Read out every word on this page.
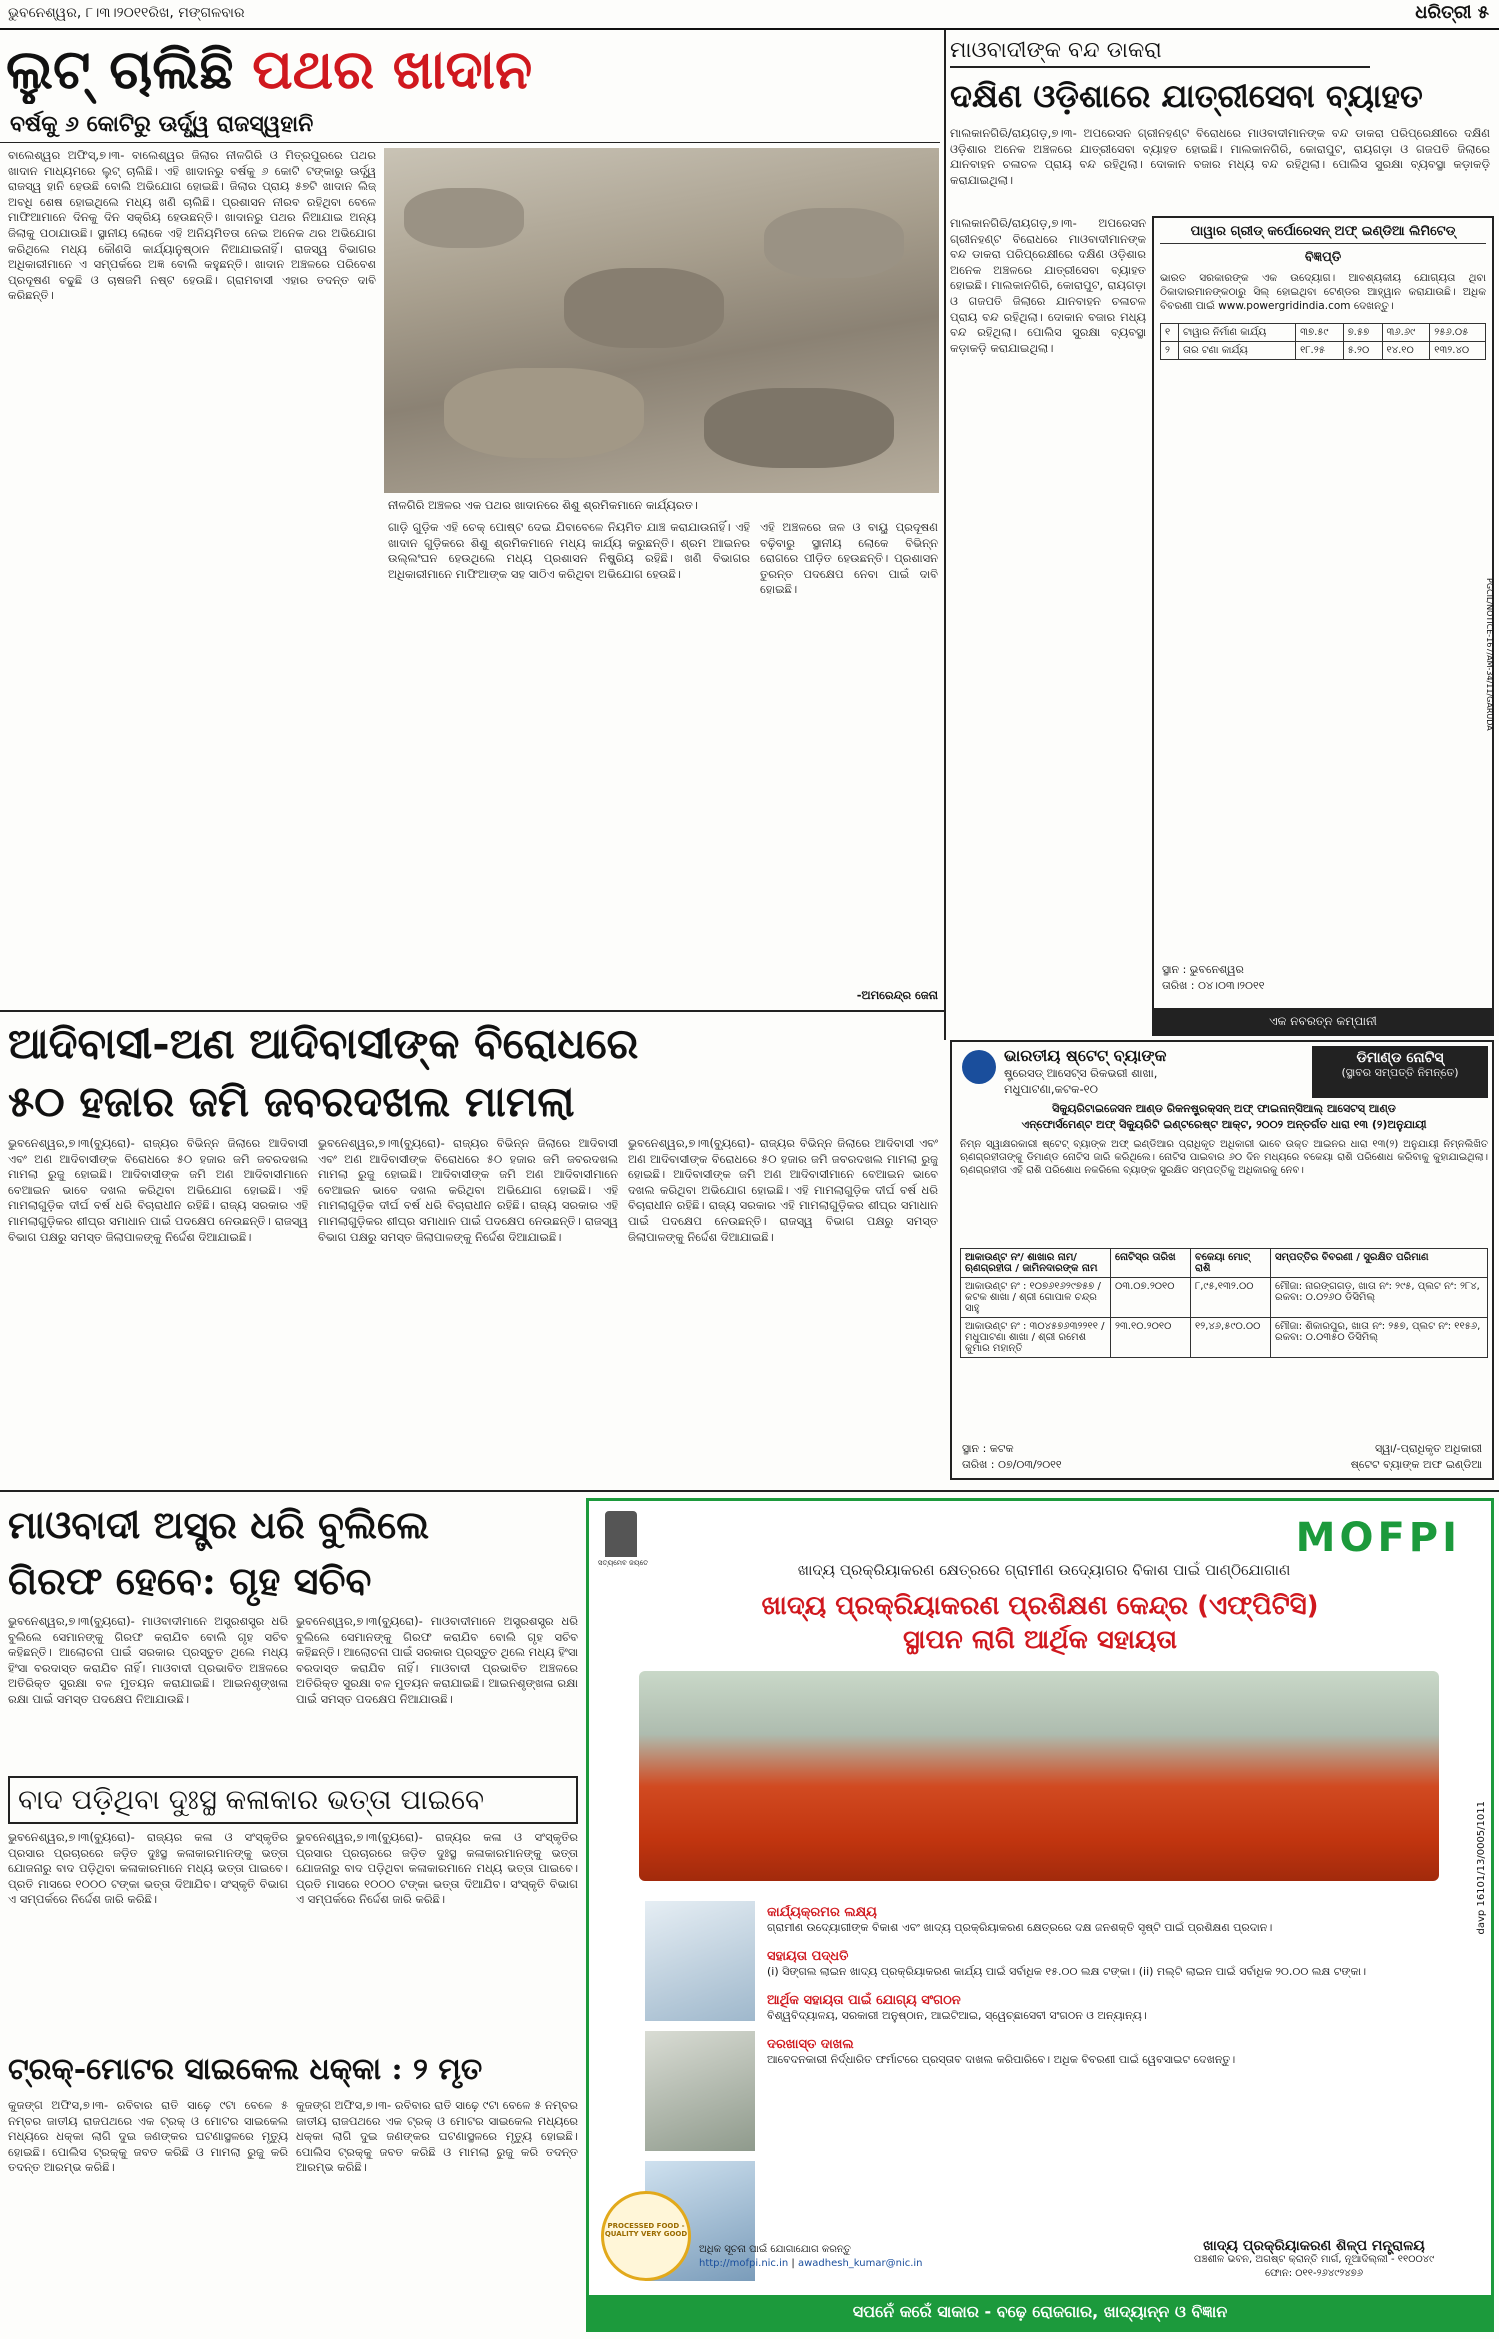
ଭୁବନେଶ୍ୱର, ୮।୩।୨୦୧୧ରିଖ, ମଙ୍ଗଳବାର	ଧରିତ୍ରୀ ୫
ଲୁଟ୍ ଚାଲିଛି ପଥର ଖାଦାନ
ବର୍ଷକୁ ୬ କୋଟିରୁ ଊର୍ଦ୍ଧ୍ୱ ରାଜସ୍ୱହାନି
ବାଲେଶ୍ୱର ଅଫିସ୍,୭।୩- ବାଲେଶ୍ୱର ଜିଲାର ନୀଳଗିରି ଓ ମିତ୍ରପୁରରେ ପଥର ଖାଦାନ ମାଧ୍ୟମରେ ଲୁଟ୍ ଚାଲିଛି। ଏହି ଖାଦାନରୁ ବର୍ଷକୁ ୬ କୋଟି ଟଙ୍କାରୁ ଊର୍ଦ୍ଧ୍ୱ ରାଜସ୍ୱ ହାନି ହେଉଛି ବୋଲି ଅଭିଯୋଗ ହୋଇଛି। ଜିଲାର ପ୍ରାୟ ୫୭ଟି ଖାଦାନ ଲିଜ୍ ଅବଧି ଶେଷ ହୋଇଥିଲେ ମଧ୍ୟ ଖଣି ଚାଲିଛି। ପ୍ରଶାସନ ନୀରବ ରହିଥିବା ବେଳେ ମାଫିଆମାନେ ଦିନକୁ ଦିନ ସକ୍ରିୟ ହେଉଛନ୍ତି। ଖାଦାନରୁ ପଥର ନିଆଯାଇ ଅନ୍ୟ ଜିଲାକୁ ପଠାଯାଉଛି। ସ୍ଥାନୀୟ ଲୋକେ ଏହି ଅନିୟମିତତା ନେଇ ଅନେକ ଥର ଅଭିଯୋଗ କରିଥିଲେ ମଧ୍ୟ କୌଣସି କାର୍ଯ୍ୟାନୁଷ୍ଠାନ ନିଆଯାଇନାହିଁ। ରାଜସ୍ୱ ବିଭାଗର ଅଧିକାରୀମାନେ ଏ ସମ୍ପର୍କରେ ଅଜ୍ଞ ବୋଲି କହୁଛନ୍ତି। ଖାଦାନ ଅଞ୍ଚଳରେ ପରିବେଶ ପ୍ରଦୂଷଣ ବଢୁଛି ଓ ଚାଷଜମି ନଷ୍ଟ ହେଉଛି। ଗ୍ରାମବାସୀ ଏହାର ତଦନ୍ତ ଦାବି କରିଛନ୍ତି।
ନୀଳଗିରି ଅଞ୍ଚଳର ଏକ ପଥର ଖାଦାନରେ ଶିଶୁ ଶ୍ରମିକମାନେ କାର୍ଯ୍ୟରତ।
ଗାଡ଼ି ଗୁଡ଼ିକ ଏହି ଚେକ୍ ପୋଷ୍ଟ ଦେଇ ଯିବାବେଳେ ନିୟମିତ ଯାଞ୍ଚ କରାଯାଉନାହିଁ। ଏହି ଖାଦାନ ଗୁଡ଼ିକରେ ଶିଶୁ ଶ୍ରମିକମାନେ ମଧ୍ୟ କାର୍ଯ୍ୟ କରୁଛନ୍ତି। ଶ୍ରମ ଆଇନର ଉଲ୍ଲଂଘନ ହେଉଥିଲେ ମଧ୍ୟ ପ୍ରଶାସନ ନିଷ୍କ୍ରିୟ ରହିଛି। ଖଣି ବିଭାଗର ଅଧିକାରୀମାନେ ମାଫିଆଙ୍କ ସହ ସାଠିଏ କରିଥିବା ଅଭିଯୋଗ ହେଉଛି।
ଏହି ଅଞ୍ଚଳରେ ଜଳ ଓ ବାୟୁ ପ୍ରଦୂଷଣ ବଢ଼ିବାରୁ ସ୍ଥାନୀୟ ଲୋକେ ବିଭିନ୍ନ ରୋଗରେ ପୀଡ଼ିତ ହେଉଛନ୍ତି। ପ୍ରଶାସନ ତୁରନ୍ତ ପଦକ୍ଷେପ ନେବା ପାଇଁ ଦାବି ହୋଇଛି।
-ଅମରେନ୍ଦ୍ର ଜେନା
ମାଓବାଦୀଙ୍କ ବନ୍ଦ ଡାକରା
ଦକ୍ଷିଣ ଓଡ଼ିଶାରେ ଯାତ୍ରୀସେବା ବ୍ୟାହତ
ମାଲକାନଗିରି/ରାୟଗଡ଼,୭।୩- ଅପରେସନ ଗ୍ରୀନହଣ୍ଟ ବିରୋଧରେ ମାଓବାଦୀମାନଙ୍କ ବନ୍ଦ ଡାକରା ପରିପ୍ରେକ୍ଷୀରେ ଦକ୍ଷିଣ ଓଡ଼ିଶାର ଅନେକ ଅଞ୍ଚଳରେ ଯାତ୍ରୀସେବା ବ୍ୟାହତ ହୋଇଛି। ମାଲକାନଗିରି, କୋରାପୁଟ, ରାୟଗଡ଼ା ଓ ଗଜପତି ଜିଲାରେ ଯାନବାହନ ଚଳାଚଳ ପ୍ରାୟ ବନ୍ଦ ରହିଥିଲା। ଦୋକାନ ବଜାର ମଧ୍ୟ ବନ୍ଦ ରହିଥିଲା। ପୋଲିସ ସୁରକ୍ଷା ବ୍ୟବସ୍ଥା କଡ଼ାକଡ଼ି କରାଯାଇଥିଲା।
ମାଲକାନଗିରି/ରାୟଗଡ଼,୭।୩- ଅପରେସନ ଗ୍ରୀନହଣ୍ଟ ବିରୋଧରେ ମାଓବାଦୀମାନଙ୍କ ବନ୍ଦ ଡାକରା ପରିପ୍ରେକ୍ଷୀରେ ଦକ୍ଷିଣ ଓଡ଼ିଶାର ଅନେକ ଅଞ୍ଚଳରେ ଯାତ୍ରୀସେବା ବ୍ୟାହତ ହୋଇଛି। ମାଲକାନଗିରି, କୋରାପୁଟ, ରାୟଗଡ଼ା ଓ ଗଜପତି ଜିଲାରେ ଯାନବାହନ ଚଳାଚଳ ପ୍ରାୟ ବନ୍ଦ ରହିଥିଲା। ଦୋକାନ ବଜାର ମଧ୍ୟ ବନ୍ଦ ରହିଥିଲା। ପୋଲିସ ସୁରକ୍ଷା ବ୍ୟବସ୍ଥା କଡ଼ାକଡ଼ି କରାଯାଇଥିଲା।
ପାୱାର ଗ୍ରୀଡ୍ କର୍ପୋରେସନ୍ ଅଫ୍ ଇଣ୍ଡିଆ ଲିମିଟେଡ୍
ବିଜ୍ଞପ୍ତି
ଭାରତ ସରକାରଙ୍କ ଏକ ଉଦ୍ୟୋଗ। ଆବଶ୍ୟକୀୟ ଯୋଗ୍ୟତା ଥିବା ଠିକାଦାରମାନଙ୍କଠାରୁ ସିଲ୍ ହୋଇଥିବା ଟେଣ୍ଡର ଆହ୍ୱାନ କରାଯାଉଛି। ଅଧିକ ବିବରଣୀ ପାଇଁ www.powergridindia.com ଦେଖନ୍ତୁ।
୧	ଟାୱାର ନିର୍ମାଣ କାର୍ଯ୍ୟ	୩୭.୫୯	୭.୫୭	୩୬.୬୯	୨୫୬.୦୫
୨	ତାର ଟଣା କାର୍ଯ୍ୟ	୧୮.୨୫	୫.୨୦	୧୪.୧୦	୧୩୨.୪୦
ସ୍ଥାନ : ଭୁବନେଶ୍ୱର
ତାରିଖ : ୦୪।୦୩।୨୦୧୧
ଏକ ନବରତ୍ନ କମ୍ପାନୀ
PGCIL/NOTICE-167/AM-34/11/GARUDA
ଆଦିବାସୀ-ଅଣ ଆଦିବାସୀଙ୍କ ବିରୋଧରେ
୫୦ ହଜାର ଜମି ଜବରଦଖଲ ମାମଲା
ଭୁବନେଶ୍ୱର,୭।୩(ବ୍ୟୁରୋ)- ରାଜ୍ୟର ବିଭିନ୍ନ ଜିଲାରେ ଆଦିବାସୀ ଏବଂ ଅଣ ଆଦିବାସୀଙ୍କ ବିରୋଧରେ ୫୦ ହଜାର ଜମି ଜବରଦଖଲ ମାମଲା ରୁଜୁ ହୋଇଛି। ଆଦିବାସୀଙ୍କ ଜମି ଅଣ ଆଦିବାସୀମାନେ ବେଆଇନ ଭାବେ ଦଖଲ କରିଥିବା ଅଭିଯୋଗ ହୋଇଛି। ଏହି ମାମଲାଗୁଡ଼ିକ ଦୀର୍ଘ ବର୍ଷ ଧରି ବିଚାରାଧୀନ ରହିଛି। ରାଜ୍ୟ ସରକାର ଏହି ମାମଲାଗୁଡ଼ିକର ଶୀଘ୍ର ସମାଧାନ ପାଇଁ ପଦକ୍ଷେପ ନେଉଛନ୍ତି। ରାଜସ୍ୱ ବିଭାଗ ପକ୍ଷରୁ ସମସ୍ତ ଜିଲାପାଳଙ୍କୁ ନିର୍ଦ୍ଦେଶ ଦିଆଯାଇଛି।
ଭୁବନେଶ୍ୱର,୭।୩(ବ୍ୟୁରୋ)- ରାଜ୍ୟର ବିଭିନ୍ନ ଜିଲାରେ ଆଦିବାସୀ ଏବଂ ଅଣ ଆଦିବାସୀଙ୍କ ବିରୋଧରେ ୫୦ ହଜାର ଜମି ଜବରଦଖଲ ମାମଲା ରୁଜୁ ହୋଇଛି। ଆଦିବାସୀଙ୍କ ଜମି ଅଣ ଆଦିବାସୀମାନେ ବେଆଇନ ଭାବେ ଦଖଲ କରିଥିବା ଅଭିଯୋଗ ହୋଇଛି। ଏହି ମାମଲାଗୁଡ଼ିକ ଦୀର୍ଘ ବର୍ଷ ଧରି ବିଚାରାଧୀନ ରହିଛି। ରାଜ୍ୟ ସରକାର ଏହି ମାମଲାଗୁଡ଼ିକର ଶୀଘ୍ର ସମାଧାନ ପାଇଁ ପଦକ୍ଷେପ ନେଉଛନ୍ତି। ରାଜସ୍ୱ ବିଭାଗ ପକ୍ଷରୁ ସମସ୍ତ ଜିଲାପାଳଙ୍କୁ ନିର୍ଦ୍ଦେଶ ଦିଆଯାଇଛି।
ଭୁବନେଶ୍ୱର,୭।୩(ବ୍ୟୁରୋ)- ରାଜ୍ୟର ବିଭିନ୍ନ ଜିଲାରେ ଆଦିବାସୀ ଏବଂ ଅଣ ଆଦିବାସୀଙ୍କ ବିରୋଧରେ ୫୦ ହଜାର ଜମି ଜବରଦଖଲ ମାମଲା ରୁଜୁ ହୋଇଛି। ଆଦିବାସୀଙ୍କ ଜମି ଅଣ ଆଦିବାସୀମାନେ ବେଆଇନ ଭାବେ ଦଖଲ କରିଥିବା ଅଭିଯୋଗ ହୋଇଛି। ଏହି ମାମଲାଗୁଡ଼ିକ ଦୀର୍ଘ ବର୍ଷ ଧରି ବିଚାରାଧୀନ ରହିଛି। ରାଜ୍ୟ ସରକାର ଏହି ମାମଲାଗୁଡ଼ିକର ଶୀଘ୍ର ସମାଧାନ ପାଇଁ ପଦକ୍ଷେପ ନେଉଛନ୍ତି। ରାଜସ୍ୱ ବିଭାଗ ପକ୍ଷରୁ ସମସ୍ତ ଜିଲାପାଳଙ୍କୁ ନିର୍ଦ୍ଦେଶ ଦିଆଯାଇଛି।
ଭାରତୀୟ ଷ୍ଟେଟ୍ ବ୍ୟାଙ୍କ
ଷ୍ଟ୍ରେସଡ୍ ଆସେଟ୍ସ ରିକଭରୀ ଶାଖା,
ମଧୁପାଟଣା,କଟକ-୧୦
ଡିମାଣ୍ଡ ନୋଟିସ୍
(ସ୍ଥାବର ସମ୍ପତ୍ତି ନିମନ୍ତେ)
ସିକ୍ୟୁରିଟାଇଜେସନ ଆଣ୍ଡ ରିକନଷ୍ଟ୍ରକ୍ସନ୍ ଅଫ୍ ଫାଇନାନ୍ସିଆଲ୍ ଆସେଟସ୍ ଆଣ୍ଡ
ଏନ୍‌ଫୋର୍ସମେଣ୍ଟ ଅଫ୍ ସିକ୍ୟୁରିଟି ଇଣ୍ଟରେଷ୍ଟ ଆକ୍ଟ, ୨୦୦୨ ଅନ୍ତର୍ଗତ ଧାରା ୧୩ (୨)ଅନୁଯାୟୀ
ନିମ୍ନ ସ୍ୱାକ୍ଷରକାରୀ ଷ୍ଟେଟ୍ ବ୍ୟାଙ୍କ ଅଫ୍ ଇଣ୍ଡିଆର ପ୍ରାଧିକୃତ ଅଧିକାରୀ ଭାବେ ଉକ୍ତ ଆଇନର ଧାରା ୧୩(୨) ଅନୁଯାୟୀ ନିମ୍ନଲିଖିତ ଋଣଗ୍ରହୀତାଙ୍କୁ ଡିମାଣ୍ଡ ନୋଟିସ ଜାରି କରିଥିଲେ। ନୋଟିସ ପାଇବାର ୬୦ ଦିନ ମଧ୍ୟରେ ବକେୟା ରାଶି ପରିଶୋଧ କରିବାକୁ କୁହାଯାଇଥିଲା। ଋଣଗ୍ରହୀତା ଏହି ରାଶି ପରିଶୋଧ ନକରିଲେ ବ୍ୟାଙ୍କ ସୁରକ୍ଷିତ ସମ୍ପତ୍ତିକୁ ଅଧିକାରକୁ ନେବ।
ଆକାଉଣ୍ଟ ନଂ/ ଶାଖାର ନାମ/ ଋଣଗ୍ରହୀତା / ଜାମିନଦାରଙ୍କ ନାମ	ନୋଟିସ୍ର ତାରିଖ	ବକେୟା ମୋଟ୍ ରାଶି	ସମ୍ପତ୍ତିର ବିବରଣୀ / ସୁରକ୍ଷିତ ପରିମାଣ
ଆକାଉଣ୍ଟ ନଂ : ୧୦୭୬୧୬୨୯୭୫୭ / କଟକ ଶାଖା / ଶ୍ରୀ ଗୋପାଳ ଚନ୍ଦ୍ର ସାହୁ	୦୩.୦୭.୨୦୧୦	୮,୯୫,୧୩୨.୦୦	ମୌଜା: ନାରଙ୍ଗଗଡ଼, ଖାତା ନଂ: ୨୯୫, ପ୍ଲଟ ନଂ: ୨୮୪, ରକବା: ୦.୦୨୬୦ ଡିସିମିଲ୍
ଆକାଉଣ୍ଟ ନଂ : ୩୦୪୫୭୬୩୨୨୧୧ / ମଧୁପାଟଣା ଶାଖା / ଶ୍ରୀ ରମେଶ କୁମାର ମହାନ୍ତି	୨୩.୧୦.୨୦୧୦	୧୨,୪୬,୫୯୦.୦୦	ମୌଜା: ଶିକାରପୁର, ଖାତା ନଂ: ୨୫୭, ପ୍ଲଟ ନଂ: ୧୧୫୬, ରକବା: ୦.୦୩୫୦ ଡିସିମିଲ୍
ସ୍ଥାନ : କଟକ
ତାରିଖ : ୦୭/୦୩/୨୦୧୧
ସ୍ୱା/-ପ୍ରାଧିକୃତ ଅଧିକାରୀ
ଷ୍ଟେଟ ବ୍ୟାଙ୍କ ଅଫ ଇଣ୍ଡିଆ
ମାଓବାଦୀ ଅସ୍ତ୍ର ଧରି ବୁଲିଲେ
ଗିରଫ ହେବେ: ଗୃହ ସଚିବ
ଭୁବନେଶ୍ୱର,୭।୩(ବ୍ୟୁରୋ)- ମାଓବାଦୀମାନେ ଅସ୍ତ୍ରଶସ୍ତ୍ର ଧରି ବୁଲିଲେ ସେମାନଙ୍କୁ ଗିରଫ କରାଯିବ ବୋଲି ଗୃହ ସଚିବ କହିଛନ୍ତି। ଆଲୋଚନା ପାଇଁ ସରକାର ପ୍ରସ୍ତୁତ ଥିଲେ ମଧ୍ୟ ହିଂସା ବରଦାସ୍ତ କରାଯିବ ନାହିଁ। ମାଓବାଦୀ ପ୍ରଭାବିତ ଅଞ୍ଚଳରେ ଅତିରିକ୍ତ ସୁରକ୍ଷା ବଳ ମୁତୟନ କରାଯାଇଛି। ଆଇନଶୃଙ୍ଖଳା ରକ୍ଷା ପାଇଁ ସମସ୍ତ ପଦକ୍ଷେପ ନିଆଯାଉଛି।
ଭୁବନେଶ୍ୱର,୭।୩(ବ୍ୟୁରୋ)- ମାଓବାଦୀମାନେ ଅସ୍ତ୍ରଶସ୍ତ୍ର ଧରି ବୁଲିଲେ ସେମାନଙ୍କୁ ଗିରଫ କରାଯିବ ବୋଲି ଗୃହ ସଚିବ କହିଛନ୍ତି। ଆଲୋଚନା ପାଇଁ ସରକାର ପ୍ରସ୍ତୁତ ଥିଲେ ମଧ୍ୟ ହିଂସା ବରଦାସ୍ତ କରାଯିବ ନାହିଁ। ମାଓବାଦୀ ପ୍ରଭାବିତ ଅଞ୍ଚଳରେ ଅତିରିକ୍ତ ସୁରକ୍ଷା ବଳ ମୁତୟନ କରାଯାଇଛି। ଆଇନଶୃଙ୍ଖଳା ରକ୍ଷା ପାଇଁ ସମସ୍ତ ପଦକ୍ଷେପ ନିଆଯାଉଛି।
ବାଦ ପଡ଼ିଥିବା ଦୁଃସ୍ଥ କଳାକାର ଭତ୍ତା ପାଇବେ
ଭୁବନେଶ୍ୱର,୭।୩(ବ୍ୟୁରୋ)- ରାଜ୍ୟର କଳା ଓ ସଂସ୍କୃତିର ପ୍ରସାର ପ୍ରଚାରରେ ଜଡ଼ିତ ଦୁଃସ୍ଥ କଳାକାରମାନଙ୍କୁ ଭତ୍ତା ଯୋଜନାରୁ ବାଦ ପଡ଼ିଥିବା କଳାକାରମାନେ ମଧ୍ୟ ଭତ୍ତା ପାଇବେ। ପ୍ରତି ମାସରେ ୧୦୦୦ ଟଙ୍କା ଭତ୍ତା ଦିଆଯିବ। ସଂସ୍କୃତି ବିଭାଗ ଏ ସମ୍ପର୍କରେ ନିର୍ଦ୍ଦେଶ ଜାରି କରିଛି।
ଭୁବନେଶ୍ୱର,୭।୩(ବ୍ୟୁରୋ)- ରାଜ୍ୟର କଳା ଓ ସଂସ୍କୃତିର ପ୍ରସାର ପ୍ରଚାରରେ ଜଡ଼ିତ ଦୁଃସ୍ଥ କଳାକାରମାନଙ୍କୁ ଭତ୍ତା ଯୋଜନାରୁ ବାଦ ପଡ଼ିଥିବା କଳାକାରମାନେ ମଧ୍ୟ ଭତ୍ତା ପାଇବେ। ପ୍ରତି ମାସରେ ୧୦୦୦ ଟଙ୍କା ଭତ୍ତା ଦିଆଯିବ। ସଂସ୍କୃତି ବିଭାଗ ଏ ସମ୍ପର୍କରେ ନିର୍ଦ୍ଦେଶ ଜାରି କରିଛି।
ଟ୍ରକ୍-ମୋଟର ସାଇକେଲ ଧକ୍କା : ୨ ମୃତ
କୁଜଙ୍ଗ ଅଫିସ,୭।୩- ରବିବାର ରାତି ସାଢ଼େ ୯ଟା ବେଳେ ୫ ନମ୍ବର ଜାତୀୟ ରାଜପଥରେ ଏକ ଟ୍ରକ୍ ଓ ମୋଟର ସାଇକେଲ ମଧ୍ୟରେ ଧକ୍କା ଲାଗି ଦୁଇ ଜଣଙ୍କର ଘଟଣାସ୍ଥଳରେ ମୃତ୍ୟୁ ହୋଇଛି। ପୋଲିସ ଟ୍ରକ୍‌କୁ ଜବତ କରିଛି ଓ ମାମଲା ରୁଜୁ କରି ତଦନ୍ତ ଆରମ୍ଭ କରିଛି।
କୁଜଙ୍ଗ ଅଫିସ,୭।୩- ରବିବାର ରାତି ସାଢ଼େ ୯ଟା ବେଳେ ୫ ନମ୍ବର ଜାତୀୟ ରାଜପଥରେ ଏକ ଟ୍ରକ୍ ଓ ମୋଟର ସାଇକେଲ ମଧ୍ୟରେ ଧକ୍କା ଲାଗି ଦୁଇ ଜଣଙ୍କର ଘଟଣାସ୍ଥଳରେ ମୃତ୍ୟୁ ହୋଇଛି। ପୋଲିସ ଟ୍ରକ୍‌କୁ ଜବତ କରିଛି ଓ ମାମଲା ରୁଜୁ କରି ତଦନ୍ତ ଆରମ୍ଭ କରିଛି।
ସତ୍ୟମେବ ଜୟତେ
MOFPI
ଖାଦ୍ୟ ପ୍ରକ୍ରିୟାକରଣ କ୍ଷେତ୍ରରେ ଗ୍ରାମୀଣ ଉଦ୍ୟୋଗର ବିକାଶ ପାଇଁ ପାଣ୍ଠିଯୋଗାଣ
ଖାଦ୍ୟ ପ୍ରକ୍ରିୟାକରଣ ପ୍ରଶିକ୍ଷଣ କେନ୍ଦ୍ର (ଏଫ୍‌ପିଟିସି)
ସ୍ଥାପନ ଲାଗି ଆର୍ଥିକ ସହାୟତା
କାର୍ଯ୍ୟକ୍ରମର ଲକ୍ଷ୍ୟ
ଗ୍ରାମୀଣ ଉଦ୍ୟୋଗୀଙ୍କ ବିକାଶ ଏବଂ ଖାଦ୍ୟ ପ୍ରକ୍ରିୟାକରଣ କ୍ଷେତ୍ରରେ ଦକ୍ଷ ଜନଶକ୍ତି ସୃଷ୍ଟି ପାଇଁ ପ୍ରଶିକ୍ଷଣ ପ୍ରଦାନ।
ସହାୟତା ପଦ୍ଧତି
(i) ସିଙ୍ଗଲ ଲାଇନ ଖାଦ୍ୟ ପ୍ରକ୍ରିୟାକରଣ କାର୍ଯ୍ୟ ପାଇଁ ସର୍ବାଧିକ ୧୫.୦୦ ଲକ୍ଷ ଟଙ୍କା। (ii) ମଲ୍ଟି ଲାଇନ ପାଇଁ ସର୍ବାଧିକ ୨୦.୦୦ ଲକ୍ଷ ଟଙ୍କା।
ଆର୍ଥିକ ସହାୟତା ପାଇଁ ଯୋଗ୍ୟ ସଂଗଠନ
ବିଶ୍ୱବିଦ୍ୟାଳୟ, ସରକାରୀ ଅନୁଷ୍ଠାନ, ଆଇଟିଆଇ, ସ୍ୱେଚ୍ଛାସେବୀ ସଂଗଠନ ଓ ଅନ୍ୟାନ୍ୟ।
ଦରଖାସ୍ତ ଦାଖଲ
ଆବେଦନକାରୀ ନିର୍ଦ୍ଧାରିତ ଫର୍ମାଟରେ ପ୍ରସ୍ତାବ ଦାଖଲ କରିପାରିବେ। ଅଧିକ ବିବରଣୀ ପାଇଁ ୱେବସାଇଟ ଦେଖନ୍ତୁ।
PROCESSED FOOD - QUALITY VERY GOOD
ଅଧିକ ସୂଚନା ପାଇଁ ଯୋଗାଯୋଗ କରନ୍ତୁ
http://mofpi.nic.in | awadhesh_kumar@nic.in
ଖାଦ୍ୟ ପ୍ରକ୍ରିୟାକରଣ ଶିଳ୍ପ ମନ୍ତ୍ରାଳୟ
ପଞ୍ଚଶୀଳ ଭବନ, ଅଗଷ୍ଟ କ୍ରାନ୍ତି ମାର୍ଗ, ନୂଆଦିଲ୍ଲୀ - ୧୧୦୦୪୯
ଫୋନ: ୦୧୧-୨୬୪୯୨୪୭୬
davp 16101/13/0005/1011
ସପନେଁ କରେଁ ସାକାର - ବଢ଼େ ରୋଜଗାର, ଖାଦ୍ୟାନ୍ନ ଓ ବିଜ୍ଞାନ
